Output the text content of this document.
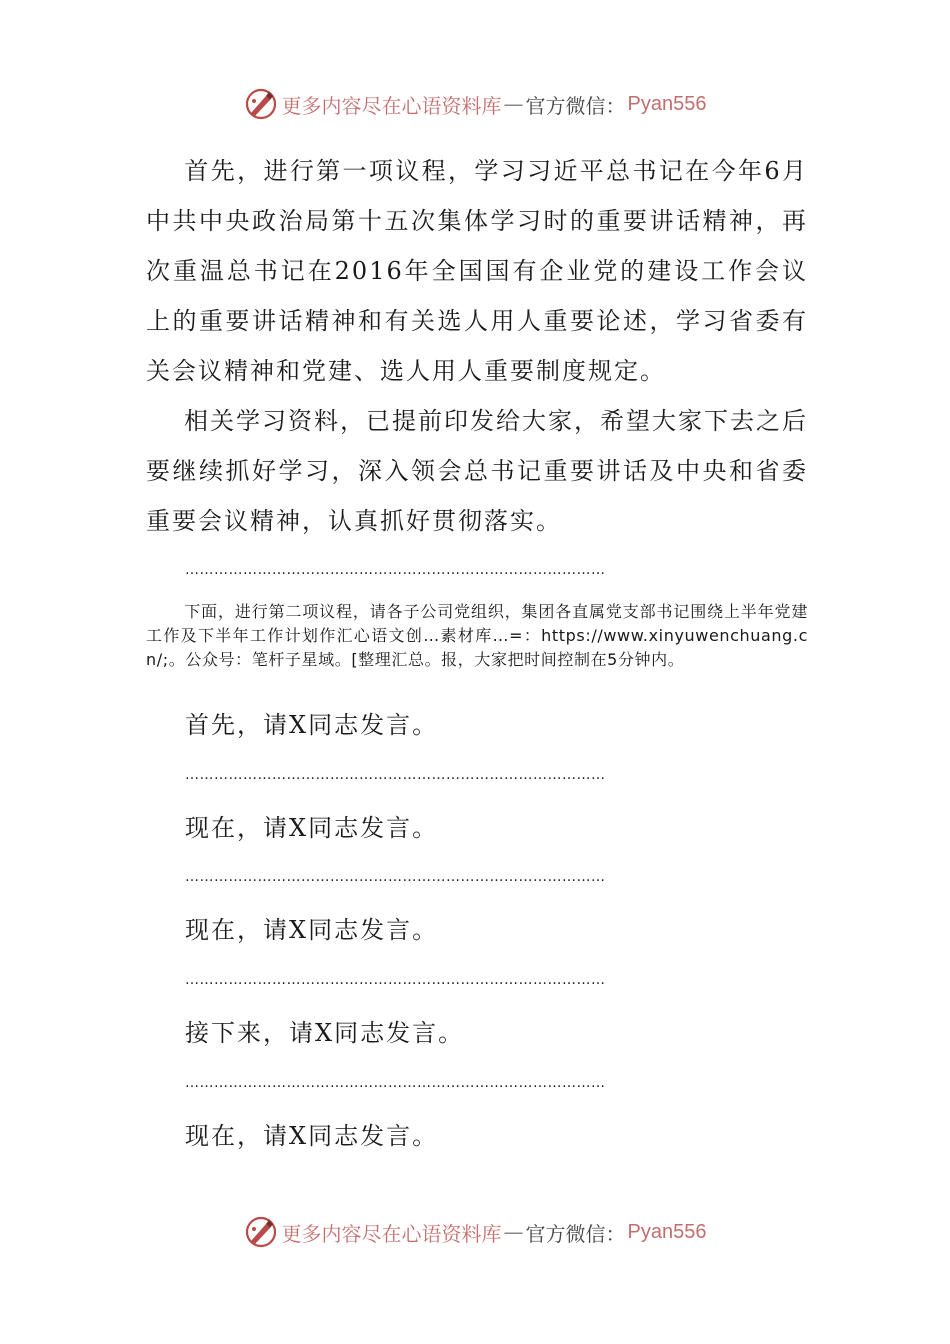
更多内容尽在心语资料库 — 官方微信： Pyan556

首先，进行第一项议程，学习习近平总书记在今年6月中共中央政治局第十五次集体学习时的重要讲话精神，再次重温总书记在2016年全国国有企业党的建设工作会议上的重要讲话精神和有关选人用人重要论述，学习省委有关会议精神和党建、选人用人重要制度规定。

相关学习资料，已提前印发给大家，希望大家下去之后要继续抓好学习，深入领会总书记重要讲话及中央和省委重要会议精神，认真抓好贯彻落实。

……………………………………………………………………………

下面，进行第二项议程，请各子公司党组织，集团各直属党支部书记围绕上半年党建工作及下半年工作计划作汇心语文创…素材库…=：https://www.xinyuwenchuang.cn/;。公众号：笔杆子星域。[整理汇总。报，大家把时间控制在5分钟内。

首先，请X同志发言。

……………………………………………………………………………

现在，请X同志发言。

……………………………………………………………………………

现在，请X同志发言。

……………………………………………………………………………

接下来，请X同志发言。

……………………………………………………………………………

现在，请X同志发言。

更多内容尽在心语资料库 — 官方微信： Pyan556
